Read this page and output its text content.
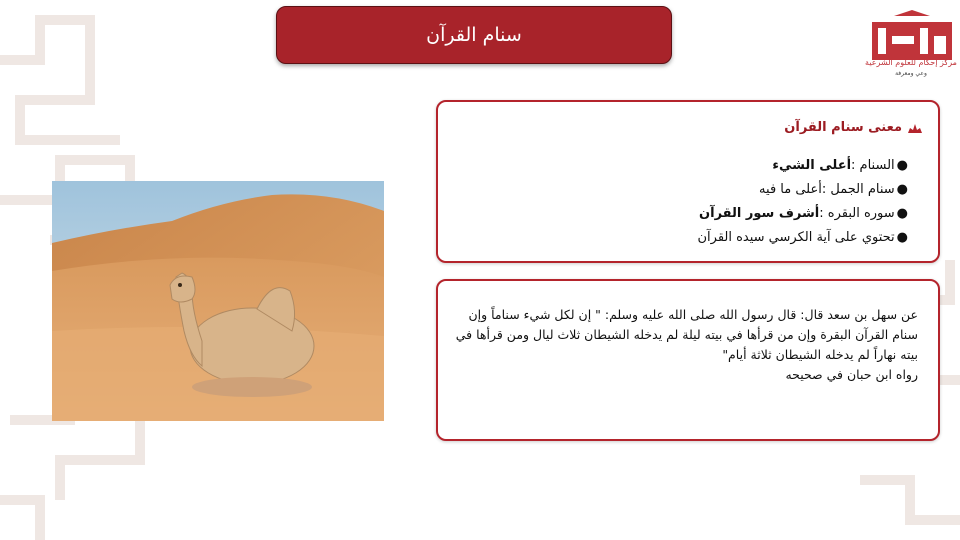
سنام القرآن
مركز إحكام للعلوم الشرعية
وعي ومعرفة
معنى سنام القرآن
●السنام :أعلى الشيء
●سنام الجمل :أعلى ما فيه
●سوره البقره :أشرف سور القرآن
●تحتوي على آية الكرسي سيده القرآن
عن سهل بن سعد قال: قال رسول الله صلى الله عليه وسلم: " إن لكل شيء سناماً وإن سنام القرآن البقرة وإن من قرأها في بيته ليلة لم يدخله الشيطان ثلاث ليال ومن قرأها في بيته نهاراً لم يدخله الشيطان ثلاثة أيام"
رواه ابن حبان في صحيحه
